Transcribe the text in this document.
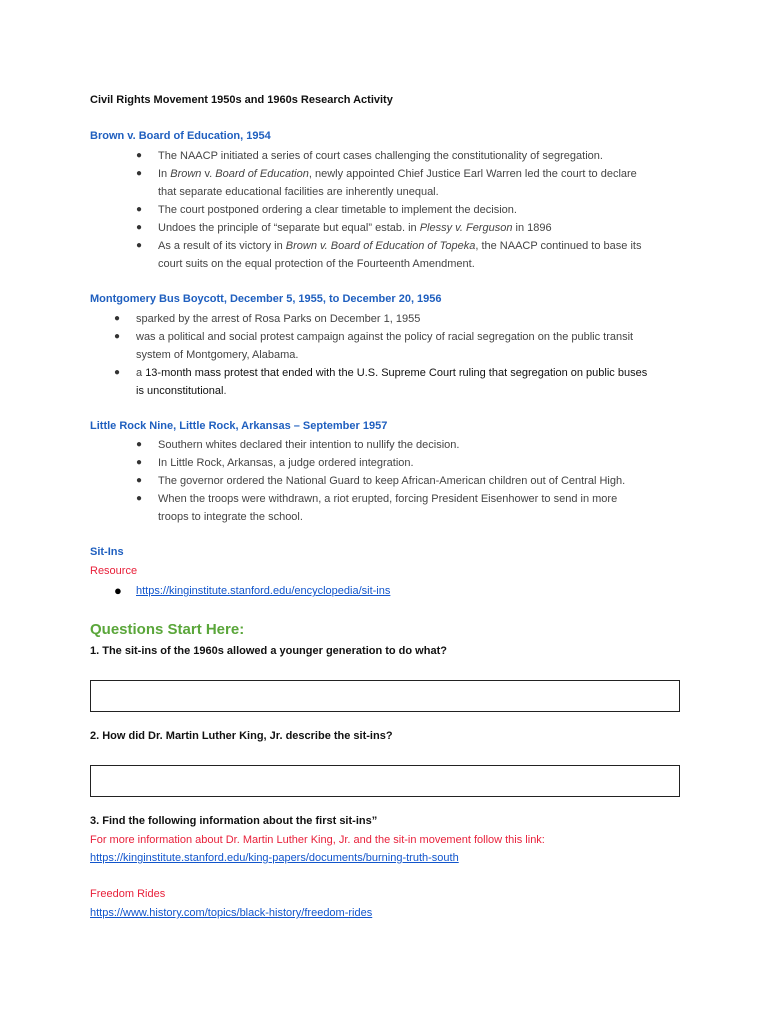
Civil Rights Movement 1950s and 1960s Research Activity
Brown v. Board of Education, 1954
● The NAACP initiated a series of court cases challenging the constitutionality of segregation.
● In Brown v. Board of Education, newly appointed Chief Justice Earl Warren led the court to declare
that separate educational facilities are inherently unequal.
● The court postponed ordering a clear timetable to implement the decision.
● Undoes the principle of “separate but equal” estab. in Plessy v. Ferguson in 1896
● As a result of its victory in Brown v. Board of Education of Topeka, the NAACP continued to base its
court suits on the equal protection of the Fourteenth Amendment.
Montgomery Bus Boycott, December 5, 1955, to December 20, 1956
● sparked by the arrest of Rosa Parks on December 1, 1955
● was a political and social protest campaign against the policy of racial segregation on the public transit
system of Montgomery, Alabama.
● a 13-month mass protest that ended with the U.S. Supreme Court ruling that segregation on public buses
is unconstitutional.
Little Rock Nine, Little Rock, Arkansas – September 1957
● Southern whites declared their intention to nullify the decision.
● In Little Rock, Arkansas, a judge ordered integration.
● The governor ordered the National Guard to keep African-American children out of Central High.
● When the troops were withdrawn, a riot erupted, forcing President Eisenhower to send in more
troops to integrate the school.
Sit-Ins
Resource
● https://kinginstitute.stanford.edu/encyclopedia/sit-ins
Questions Start Here:
1. The sit-ins of the 1960s allowed a younger generation to do what?
2. How did Dr. Martin Luther King, Jr. describe the sit-ins?
3. Find the following information about the first sit-ins”
For more information about Dr. Martin Luther King, Jr. and the sit-in movement follow this link:
https://kinginstitute.stanford.edu/king-papers/documents/burning-truth-south
Freedom Rides
https://www.history.com/topics/black-history/freedom-rides
